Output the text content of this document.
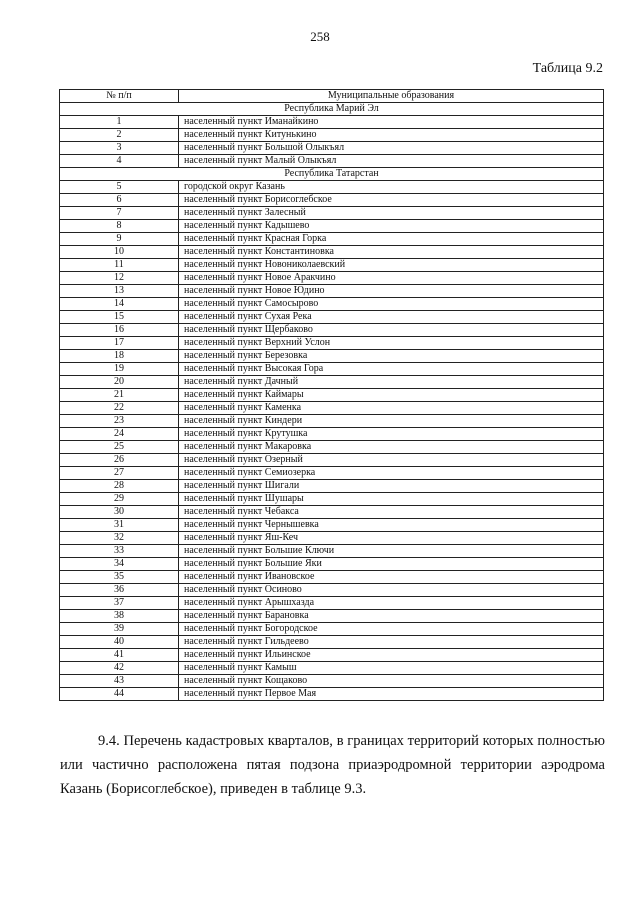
258
Таблица 9.2
№ п/п	Муниципальные образования
Республика Марий Эл	
1	населенный пункт Иманайкино
2	населенный пункт Китунькино
3	населенный пункт Большой Олыкъял
4	населенный пункт Малый Олыкъял
Республика Татарстан	
5	городской округ Казань
6	населенный пункт Борисоглебское
7	населенный пункт Залесный
8	населенный пункт Кадышево
9	населенный пункт Красная Горка
10	населенный пункт Константиновка
11	населенный пункт Новониколаевский
12	населенный пункт Новое Аракчино
13	населенный пункт Новое Юдино
14	населенный пункт Самосырово
15	населенный пункт Сухая Река
16	населенный пункт Щербаково
17	населенный пункт Верхний Услон
18	населенный пункт Березовка
19	населенный пункт Высокая Гора
20	населенный пункт Дачный
21	населенный пункт Каймары
22	населенный пункт Каменка
23	населенный пункт Киндери
24	населенный пункт Крутушка
25	населенный пункт Макаровка
26	населенный пункт Озерный
27	населенный пункт Семиозерка
28	населенный пункт Шигали
29	населенный пункт Шушары
30	населенный пункт Чебакса
31	населенный пункт Чернышевка
32	населенный пункт Яш-Кеч
33	населенный пункт Большие Ключи
34	населенный пункт Большие Яки
35	населенный пункт Ивановское
36	населенный пункт Осиново
37	населенный пункт Арышхазда
38	населенный пункт Барановка
39	населенный пункт Богородское
40	населенный пункт Гильдеево
41	населенный пункт Ильинское
42	населенный пункт Камыш
43	населенный пункт Кощаково
44	населенный пункт Первое Мая
9.4. Перечень кадастровых кварталов, в границах территорий которых полностью или частично расположена пятая подзона приаэродромной территории аэродрома Казань (Борисоглебское), приведен в таблице 9.3.
